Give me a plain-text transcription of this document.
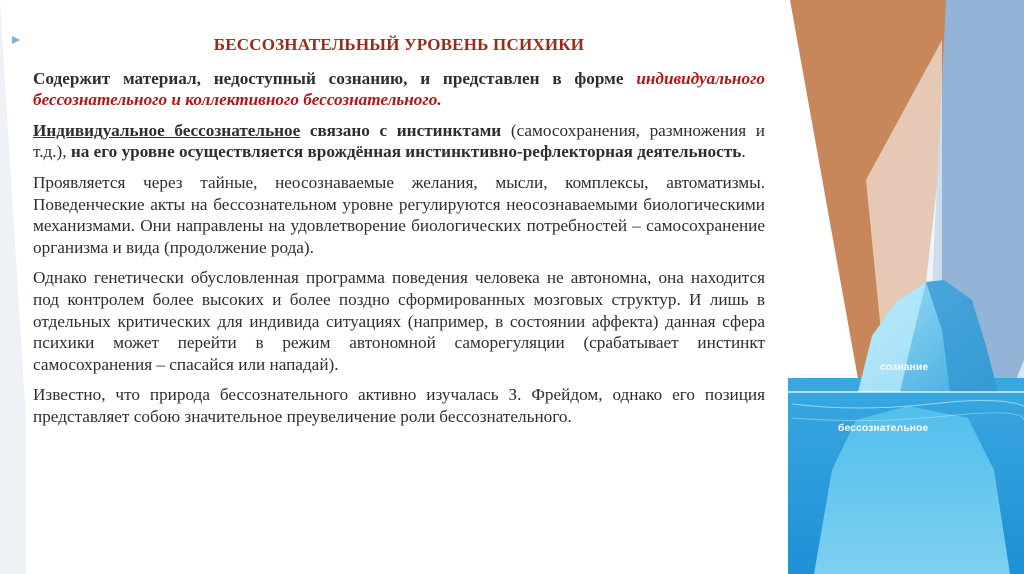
сознание
бессознательное
БЕССОЗНАТЕЛЬНЫЙ УРОВЕНЬ ПСИХИКИ
Содержит материал, недоступный сознанию, и представлен в форме индивидуального бессознательного и коллективного бессознательного.
Индивидуальное бессознательное связано с инстинктами (самосохранения, размножения и т.д.), на его уровне осуществляется врождённая инстинктивно-рефлекторная деятельность.
Проявляется через тайные, неосознаваемые желания, мысли, комплексы, автоматизмы. Поведенческие акты на бессознательном уровне регулируются неосознаваемыми биологическими механизмами. Они направлены на удовлетворение биологических потребностей – самосохранение организма и вида (продолжение рода).
Однако генетически обусловленная программа поведения человека не автономна, она находится под контролем более высоких и более поздно сформированных мозговых структур. И лишь в отдельных критических для индивида ситуациях (например, в состоянии аффекта) данная сфера психики может перейти в режим автономной саморегуляции (срабатывает инстинкт самосохранения – спасайся или нападай).
Известно, что природа бессознательного активно изучалась З. Фрейдом, однако его позиция представляет собою значительное преувеличение роли бессознательного.
